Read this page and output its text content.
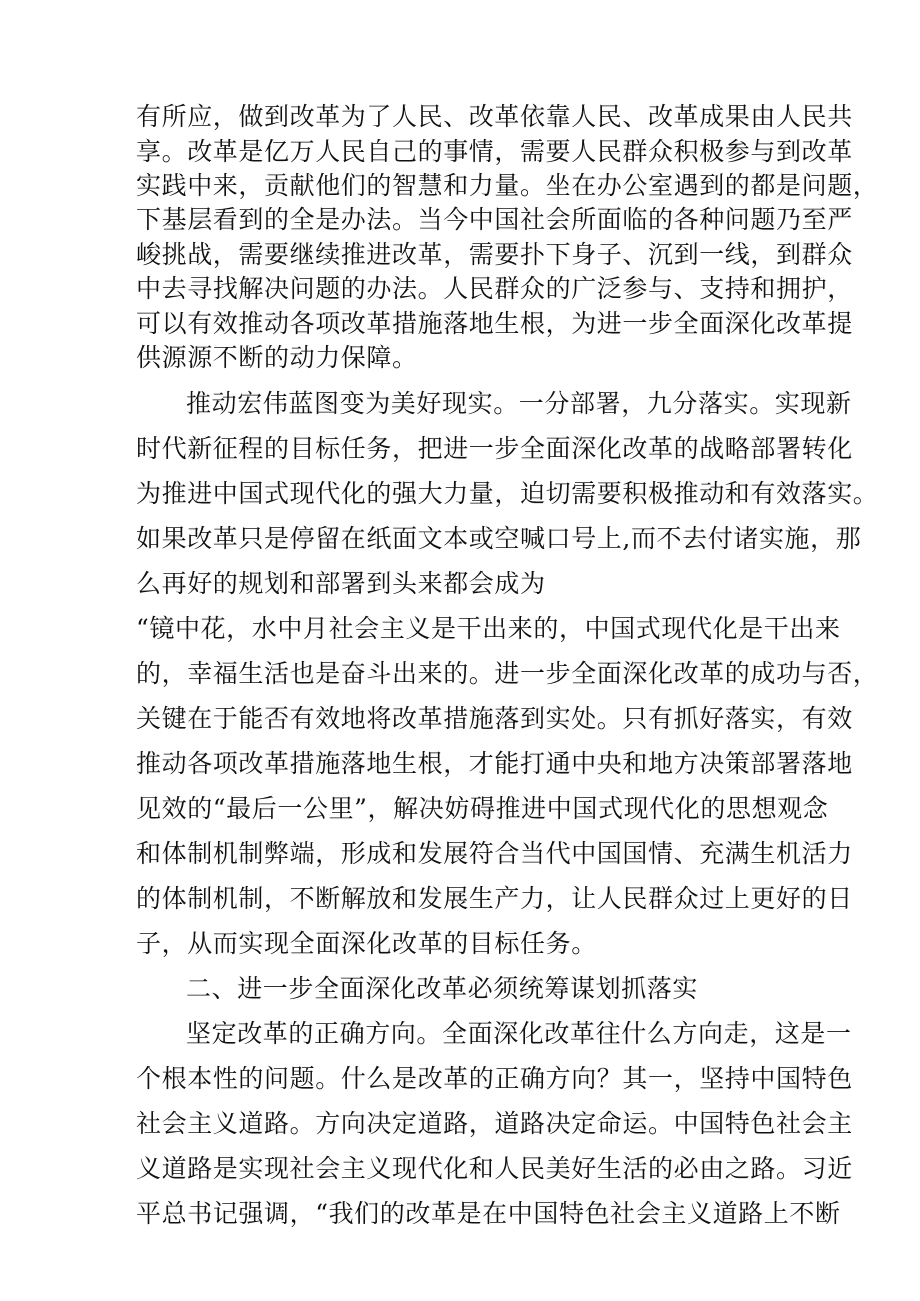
有所应，做到改革为了人民、改革依靠人民、改革成果由人民共
享。改革是亿万人民自己的事情，需要人民群众积极参与到改革
实践中来，贡献他们的智慧和力量。坐在办公室遇到的都是问题，
下基层看到的全是办法。当今中国社会所面临的各种问题乃至严
峻挑战，需要继续推进改革，需要扑下身子、沉到一线，到群众
中去寻找解决问题的办法。人民群众的广泛参与、支持和拥护，
可以有效推动各项改革措施落地生根，为进一步全面深化改革提
供源源不断的动力保障。
推动宏伟蓝图变为美好现实。一分部署，九分落实。实现新
时代新征程的目标任务，把进一步全面深化改革的战略部署转化
为推进中国式现代化的强大力量，迫切需要积极推动和有效落实。
如果改革只是停留在纸面文本或空喊口号上,而不去付诸实施，那
么再好的规划和部署到头来都会成为
“镜中花，水中月社会主义是干出来的，中国式现代化是干出来
的，幸福生活也是奋斗出来的。进一步全面深化改革的成功与否，
关键在于能否有效地将改革措施落到实处。只有抓好落实，有效
推动各项改革措施落地生根，才能打通中央和地方决策部署落地
见效的“最后一公里”，解决妨碍推进中国式现代化的思想观念
和体制机制弊端，形成和发展符合当代中国国情、充满生机活力
的体制机制，不断解放和发展生产力，让人民群众过上更好的日
子，从而实现全面深化改革的目标任务。
二、进一步全面深化改革必须统筹谋划抓落实
坚定改革的正确方向。全面深化改革往什么方向走，这是一
个根本性的问题。什么是改革的正确方向？其一，坚持中国特色
社会主义道路。方向决定道路，道路决定命运。中国特色社会主
义道路是实现社会主义现代化和人民美好生活的必由之路。习近
平总书记强调，“我们的改革是在中国特色社会主义道路上不断
